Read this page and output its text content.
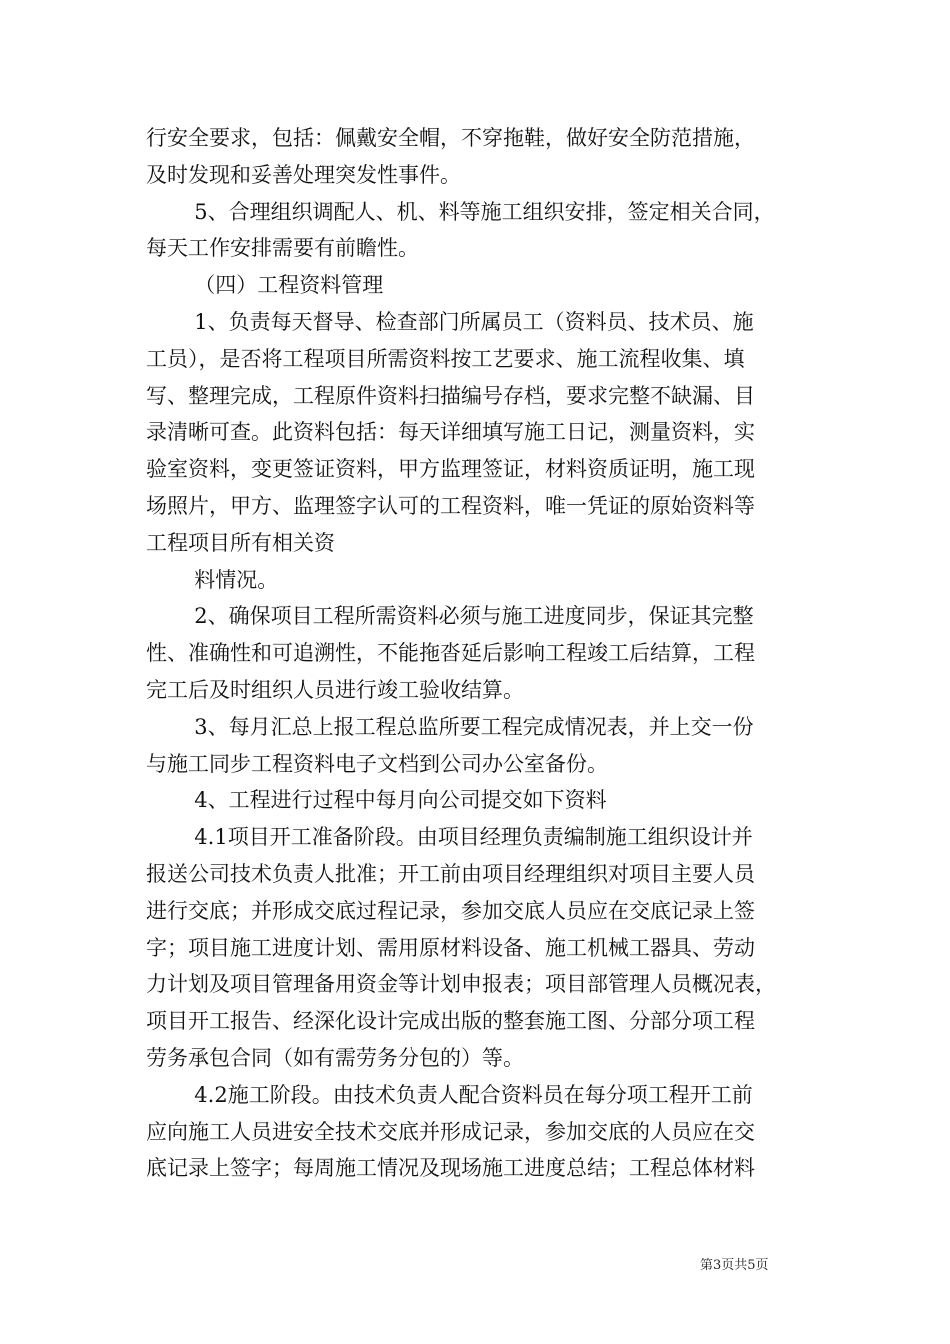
行安全要求，包括：佩戴安全帽，不穿拖鞋，做好安全防范措施，
及时发现和妥善处理突发性事件。
5、合理组织调配人、机、料等施工组织安排，签定相关合同，
每天工作安排需要有前瞻性。
（四）工程资料管理
1、负责每天督导、检查部门所属员工（资料员、技术员、施
工员），是否将工程项目所需资料按工艺要求、施工流程收集、填
写、整理完成，工程原件资料扫描编号存档，要求完整不缺漏、目
录清晰可查。此资料包括：每天详细填写施工日记，测量资料，实
验室资料，变更签证资料，甲方监理签证，材料资质证明，施工现
场照片，甲方、监理签字认可的工程资料，唯一凭证的原始资料等
工程项目所有相关资
料情况。
2、确保项目工程所需资料必须与施工进度同步，保证其完整
性、准确性和可追溯性，不能拖沓延后影响工程竣工后结算，工程
完工后及时组织人员进行竣工验收结算。
3、每月汇总上报工程总监所要工程完成情况表，并上交一份
与施工同步工程资料电子文档到公司办公室备份。
4、工程进行过程中每月向公司提交如下资料
4.1项目开工准备阶段。由项目经理负责编制施工组织设计并
报送公司技术负责人批准；开工前由项目经理组织对项目主要人员
进行交底；并形成交底过程记录，参加交底人员应在交底记录上签
字；项目施工进度计划、需用原材料设备、施工机械工器具、劳动
力计划及项目管理备用资金等计划申报表；项目部管理人员概况表，
项目开工报告、经深化设计完成出版的整套施工图、分部分项工程
劳务承包合同（如有需劳务分包的）等。
4.2施工阶段。由技术负责人配合资料员在每分项工程开工前
应向施工人员进安全技术交底并形成记录，参加交底的人员应在交
底记录上签字；每周施工情况及现场施工进度总结；工程总体材料
第3页共5页
